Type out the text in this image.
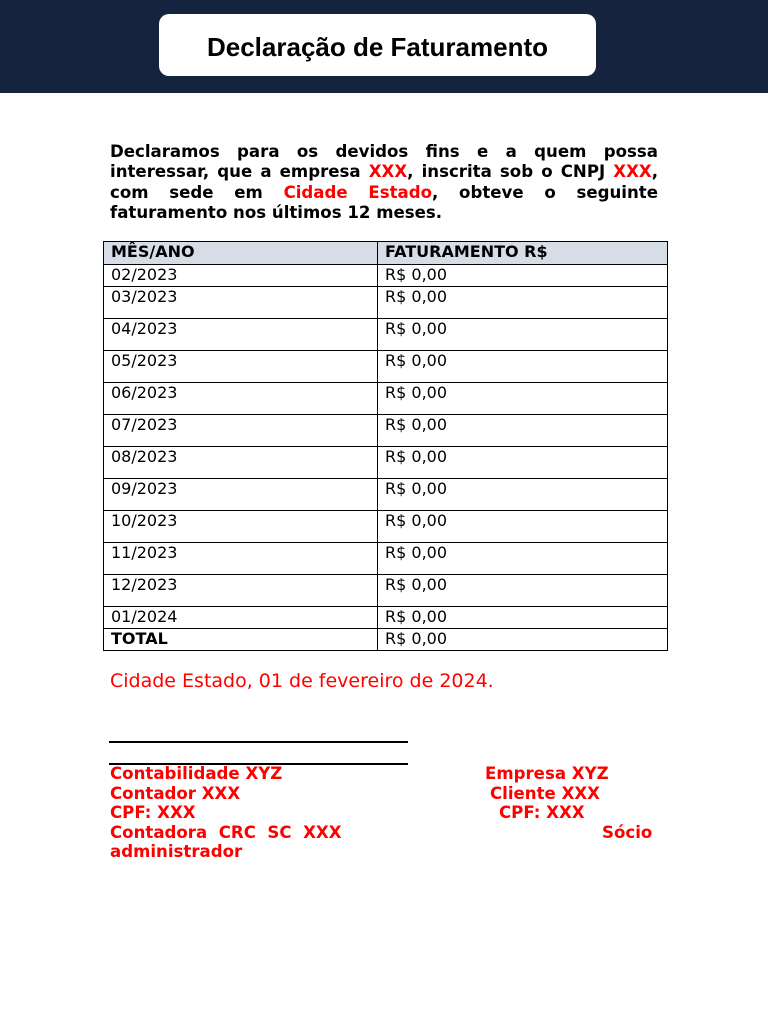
Declaração de Faturamento

Declaramos para os devidos fins e a quem possa interessar, que a empresa XXX, inscrita sob o CNPJ XXX, com sede em Cidade Estado, obteve o seguinte faturamento nos últimos 12 meses.

MÊS/ANO	FATURAMENTO R$
02/2023	R$ 0,00
03/2023	R$ 0,00
04/2023	R$ 0,00
05/2023	R$ 0,00
06/2023	R$ 0,00
07/2023	R$ 0,00
08/2023	R$ 0,00
09/2023	R$ 0,00
10/2023	R$ 0,00
11/2023	R$ 0,00
12/2023	R$ 0,00
01/2024	R$ 0,00
TOTAL	R$ 0,00
Cidade Estado, 01 de fevereiro de 2024.
Contabilidade XYZ
Contador XXX
CPF: XXX
Contadora  CRC  SC  XXX
administrador
Empresa XYZ
Cliente XXX
CPF: XXX
Sócio
